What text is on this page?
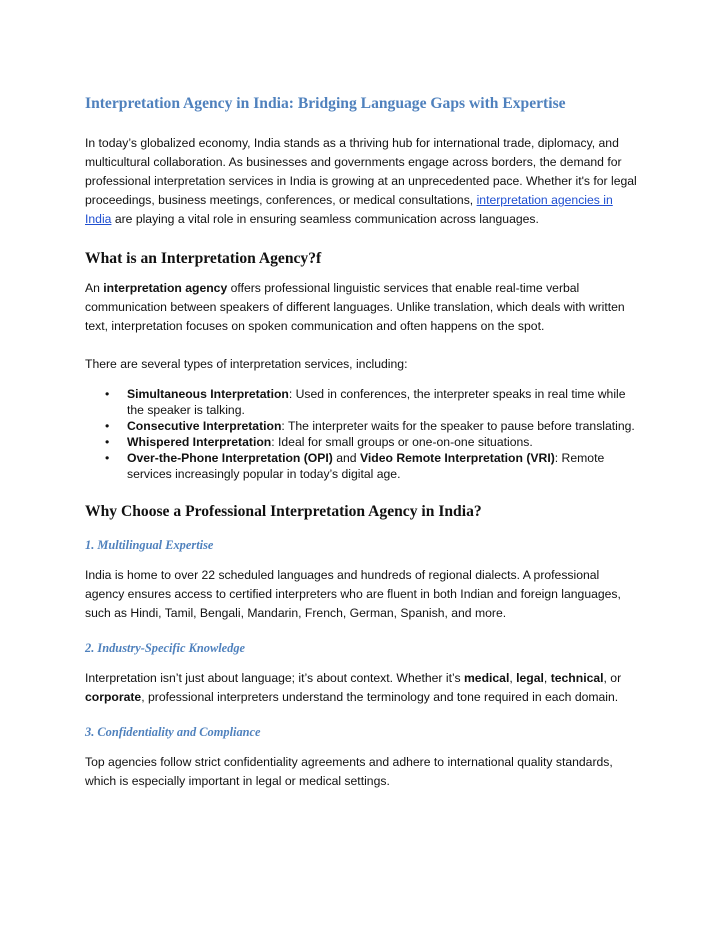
Interpretation Agency in India: Bridging Language Gaps with Expertise

In today’s globalized economy, India stands as a thriving hub for international trade, diplomacy, and multicultural collaboration. As businesses and governments engage across borders, the demand for professional interpretation services in India is growing at an unprecedented pace. Whether it's for legal proceedings, business meetings, conferences, or medical consultations, interpretation agencies in India are playing a vital role in ensuring seamless communication across languages.

What is an Interpretation Agency?f

An interpretation agency offers professional linguistic services that enable real-time verbal communication between speakers of different languages. Unlike translation, which deals with written text, interpretation focuses on spoken communication and often happens on the spot.

There are several types of interpretation services, including:

• Simultaneous Interpretation: Used in conferences, the interpreter speaks in real time while the speaker is talking.
• Consecutive Interpretation: The interpreter waits for the speaker to pause before translating.
• Whispered Interpretation: Ideal for small groups or one-on-one situations.
• Over-the-Phone Interpretation (OPI) and Video Remote Interpretation (VRI): Remote services increasingly popular in today’s digital age.
Why Choose a Professional Interpretation Agency in India?
1. Multilingual Expertise

India is home to over 22 scheduled languages and hundreds of regional dialects. A professional agency ensures access to certified interpreters who are fluent in both Indian and foreign languages, such as Hindi, Tamil, Bengali, Mandarin, French, German, Spanish, and more.

2. Industry-Specific Knowledge

Interpretation isn’t just about language; it’s about context. Whether it’s medical, legal, technical, or corporate, professional interpreters understand the terminology and tone required in each domain.

3. Confidentiality and Compliance

Top agencies follow strict confidentiality agreements and adhere to international quality standards, which is especially important in legal or medical settings.
